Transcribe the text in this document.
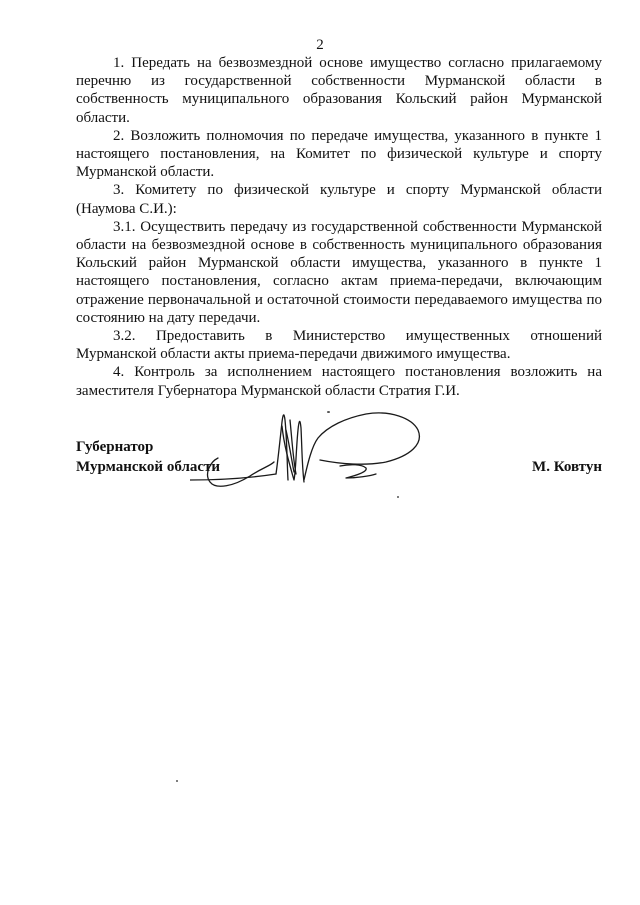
2

1. Передать на безвозмездной основе имущество согласно прилагаемому перечню из государственной собственности Мурманской области в собственность муниципального образования Кольский район Мурманской области.

2. Возложить полномочия по передаче имущества, указанного в пункте 1 настоящего постановления, на Комитет по физической культуре и спорту Мурманской области.

3. Комитету по физической культуре и спорту Мурманской области (Наумова С.И.):

3.1. Осуществить передачу из государственной собственности Мурманской области на безвозмездной основе в собственность муниципального образования Кольский район Мурманской области имущества, указанного в пункте 1 настоящего постановления, согласно актам приема-передачи, включающим отражение первоначальной и остаточной стоимости передаваемого имущества по состоянию на дату передачи.

3.2. Предоставить в Министерство имущественных отношений Мурманской области акты приема-передачи движимого имущества.

4. Контроль за исполнением настоящего постановления возложить на заместителя Губернатора Мурманской области Стратия Г.И.

Губернатор
Мурманской области	М. Ковтун
